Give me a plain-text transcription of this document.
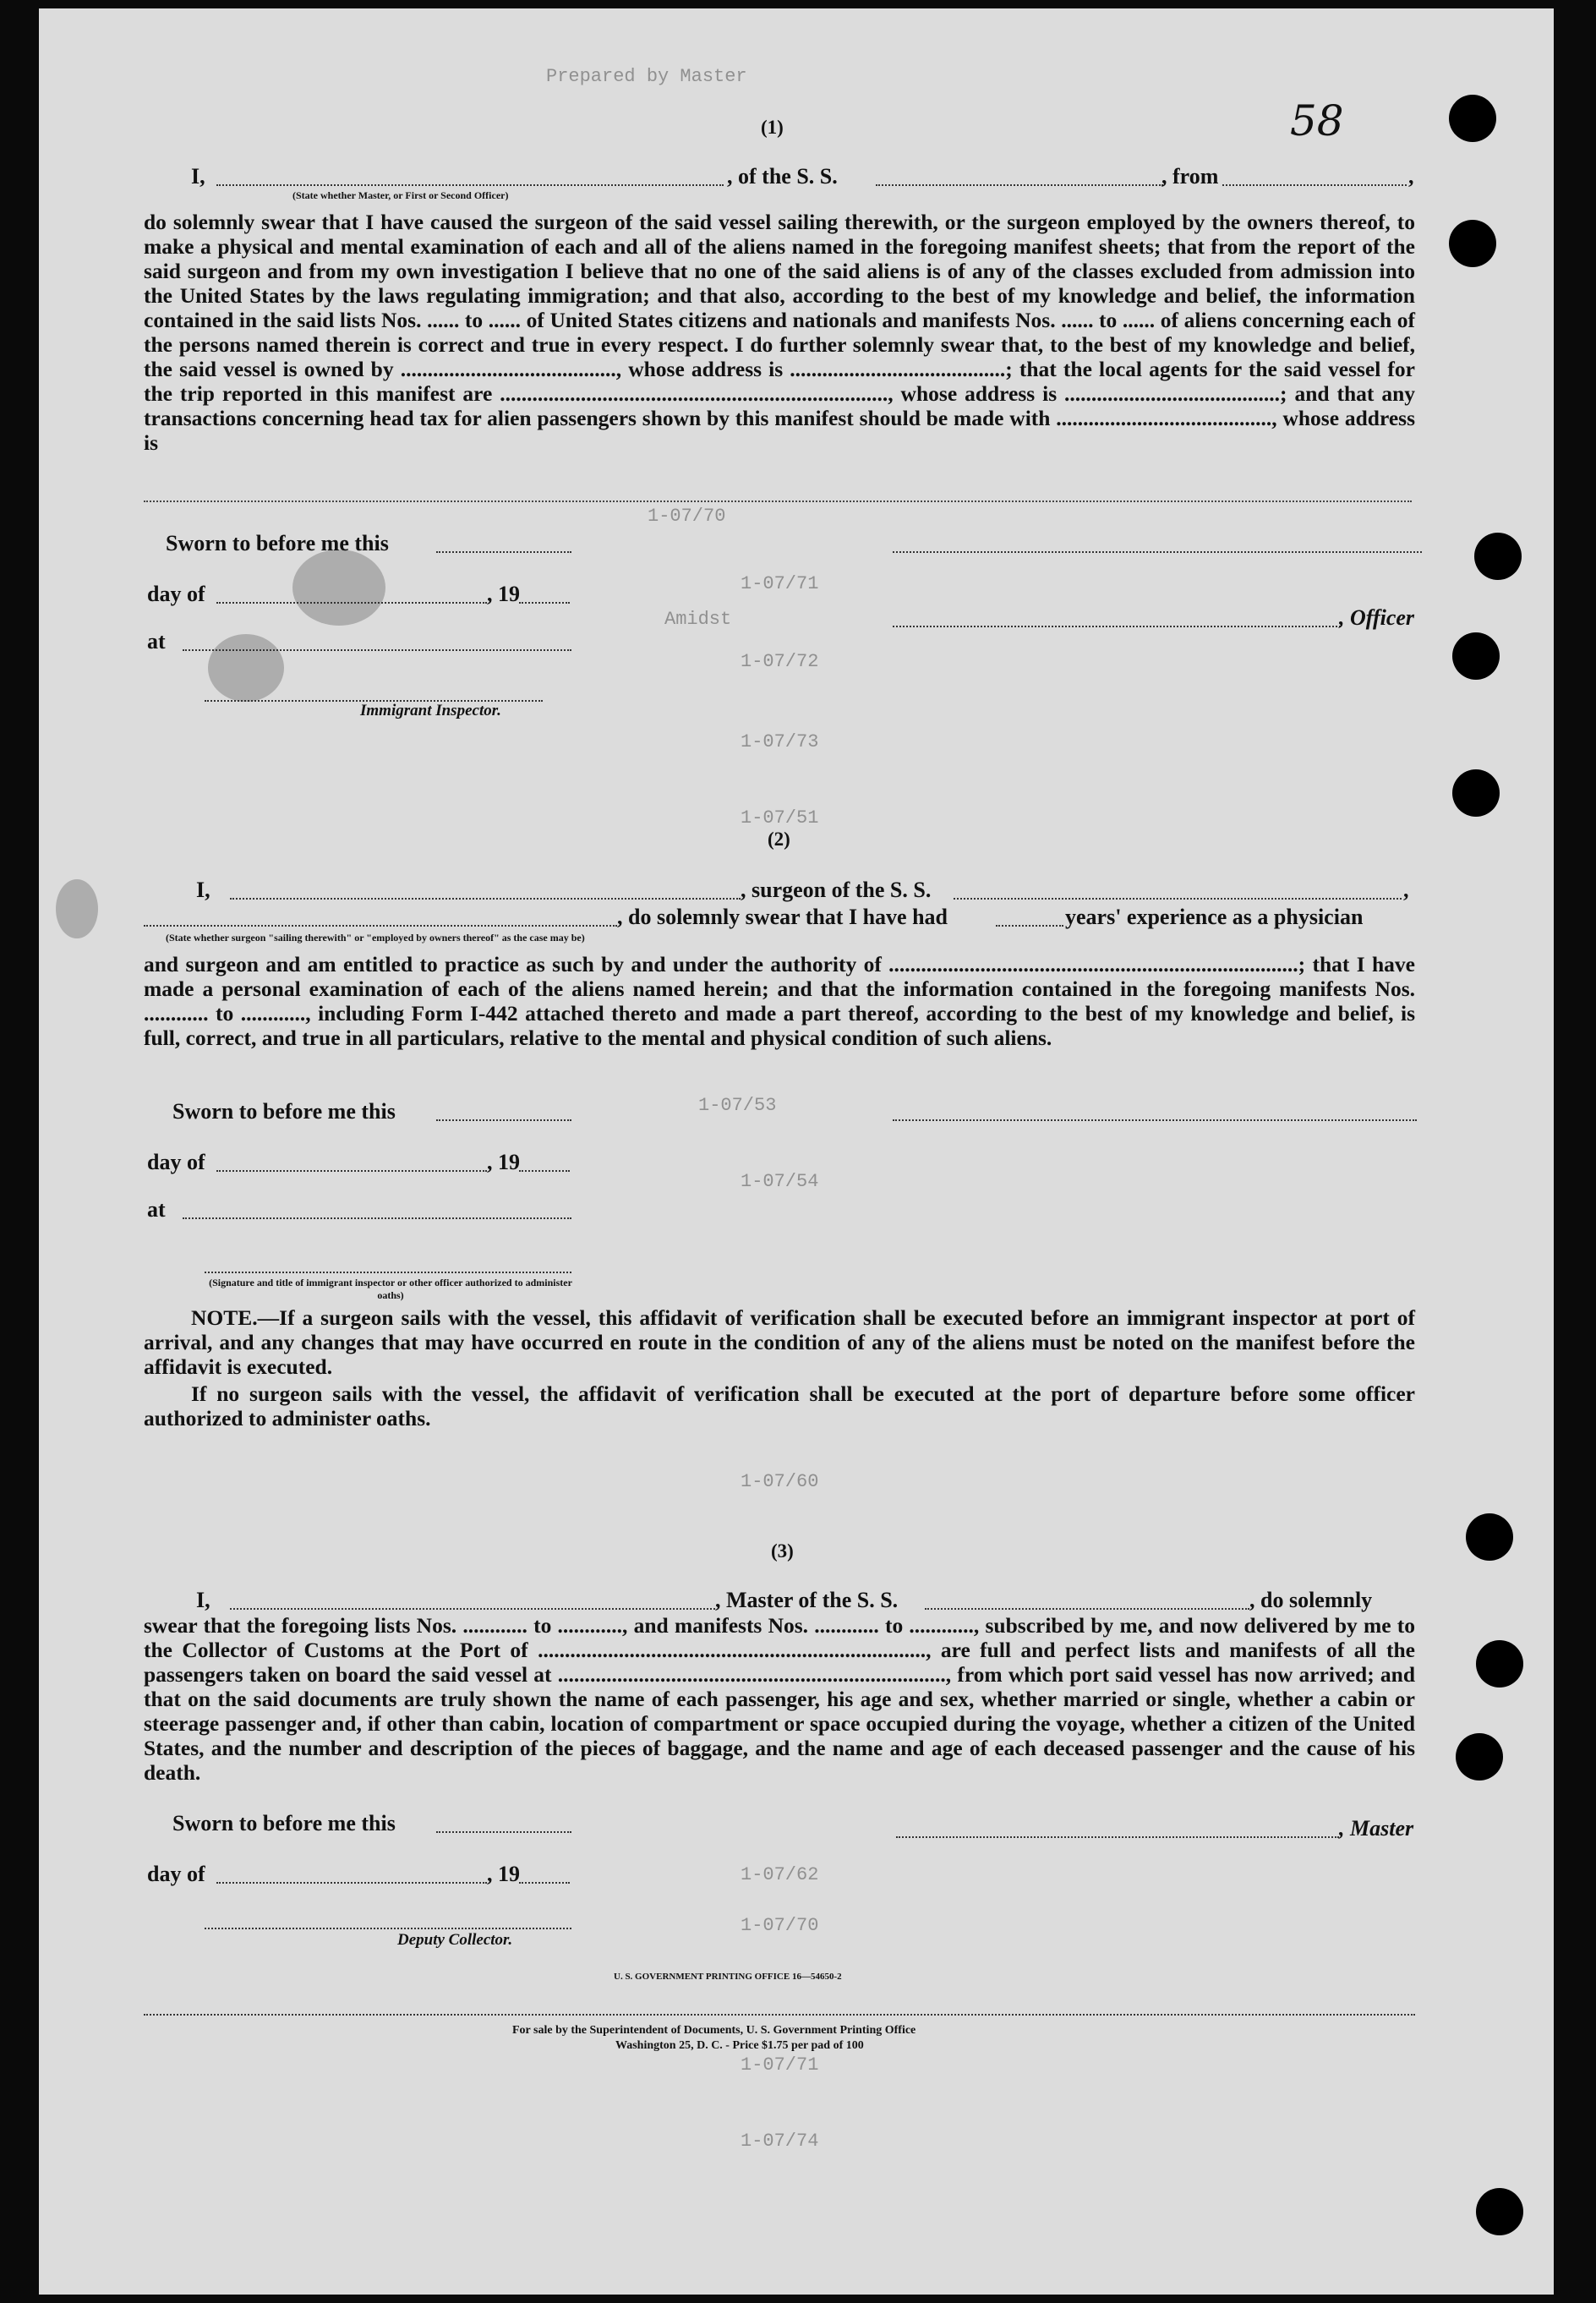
Prepared by Master
58
1-07/70
Amidst
1-07/71
1-07/72
1-07/73
1-07/51
1-07/53
1-07/54
1-07/60
1-07/62
1-07/70
1-07/71
1-07/74
(1)
I,
(State whether Master, or First or Second Officer)
, of the S. S.	, from	,
do solemnly swear that I have caused the surgeon of the said vessel sailing therewith, or the surgeon employed by the owners thereof, to make a physical and mental examination of each and all of the aliens named in the foregoing manifest sheets; that from the report of the said surgeon and from my own investigation I believe that no one of the said aliens is of any of the classes excluded from admission into the United States by the laws regulating immigration; and that also, according to the best of my knowledge and belief, the information contained in the said lists Nos. ...... to ...... of United States citizens and nationals and manifests Nos. ...... to ...... of aliens concerning each of the persons named therein is correct and true in every respect. I do further solemnly swear that, to the best of my knowledge and belief, the said vessel is owned by ........................................, whose address is ........................................; that the local agents for the said vessel for the trip reported in this manifest are ........................................................................, whose address is ........................................; and that any transactions concerning head tax for alien passengers shown by this manifest should be made with ........................................, whose address is
Sworn to before me this
day of	, 19
, Officer
at
Immigrant Inspector.
(2)
I,	, surgeon of the S. S.	,
, do solemnly swear that I have had	years' experience as a physician
(State whether surgeon "sailing therewith" or "employed by owners thereof" as the case may be)
and surgeon and am entitled to practice as such by and under the authority of ............................................................................; that I have made a personal examination of each of the aliens named herein; and that the information contained in the foregoing manifests Nos. ............ to ............, including Form I-442 attached thereto and made a part thereof, according to the best of my knowledge and belief, is full, correct, and true in all particulars, relative to the mental and physical condition of such aliens.
Sworn to before me this
day of	, 19
at
(Signature and title of immigrant inspector or other officer authorized to administer oaths)
NOTE.—If a surgeon sails with the vessel, this affidavit of verification shall be executed before an immigrant inspector at port of arrival, and any changes that may have occurred en route in the condition of any of the aliens must be noted on the manifest before the affidavit is executed.
If no surgeon sails with the vessel, the affidavit of verification shall be executed at the port of departure before some officer authorized to administer oaths.
(3)
I,	, Master of the S. S.	, do solemnly
swear that the foregoing lists Nos. ............ to ............, and manifests Nos. ............ to ............, subscribed by me, and now delivered by me to the Collector of Customs at the Port of ........................................................................, are full and perfect lists and manifests of all the passengers taken on board the said vessel at ........................................................................, from which port said vessel has now arrived; and that on the said documents are truly shown the name of each passenger, his age and sex, whether married or single, whether a cabin or steerage passenger and, if other than cabin, location of compartment or space occupied during the voyage, whether a citizen of the United States, and the number and description of the pieces of baggage, and the name and age of each deceased passenger and the cause of his death.
Sworn to before me this	, Master
day of	, 19
Deputy Collector.
U. S. GOVERNMENT PRINTING OFFICE 16—54650-2
For sale by the Superintendent of Documents, U. S. Government Printing Office
Washington 25, D. C. - Price $1.75 per pad of 100
